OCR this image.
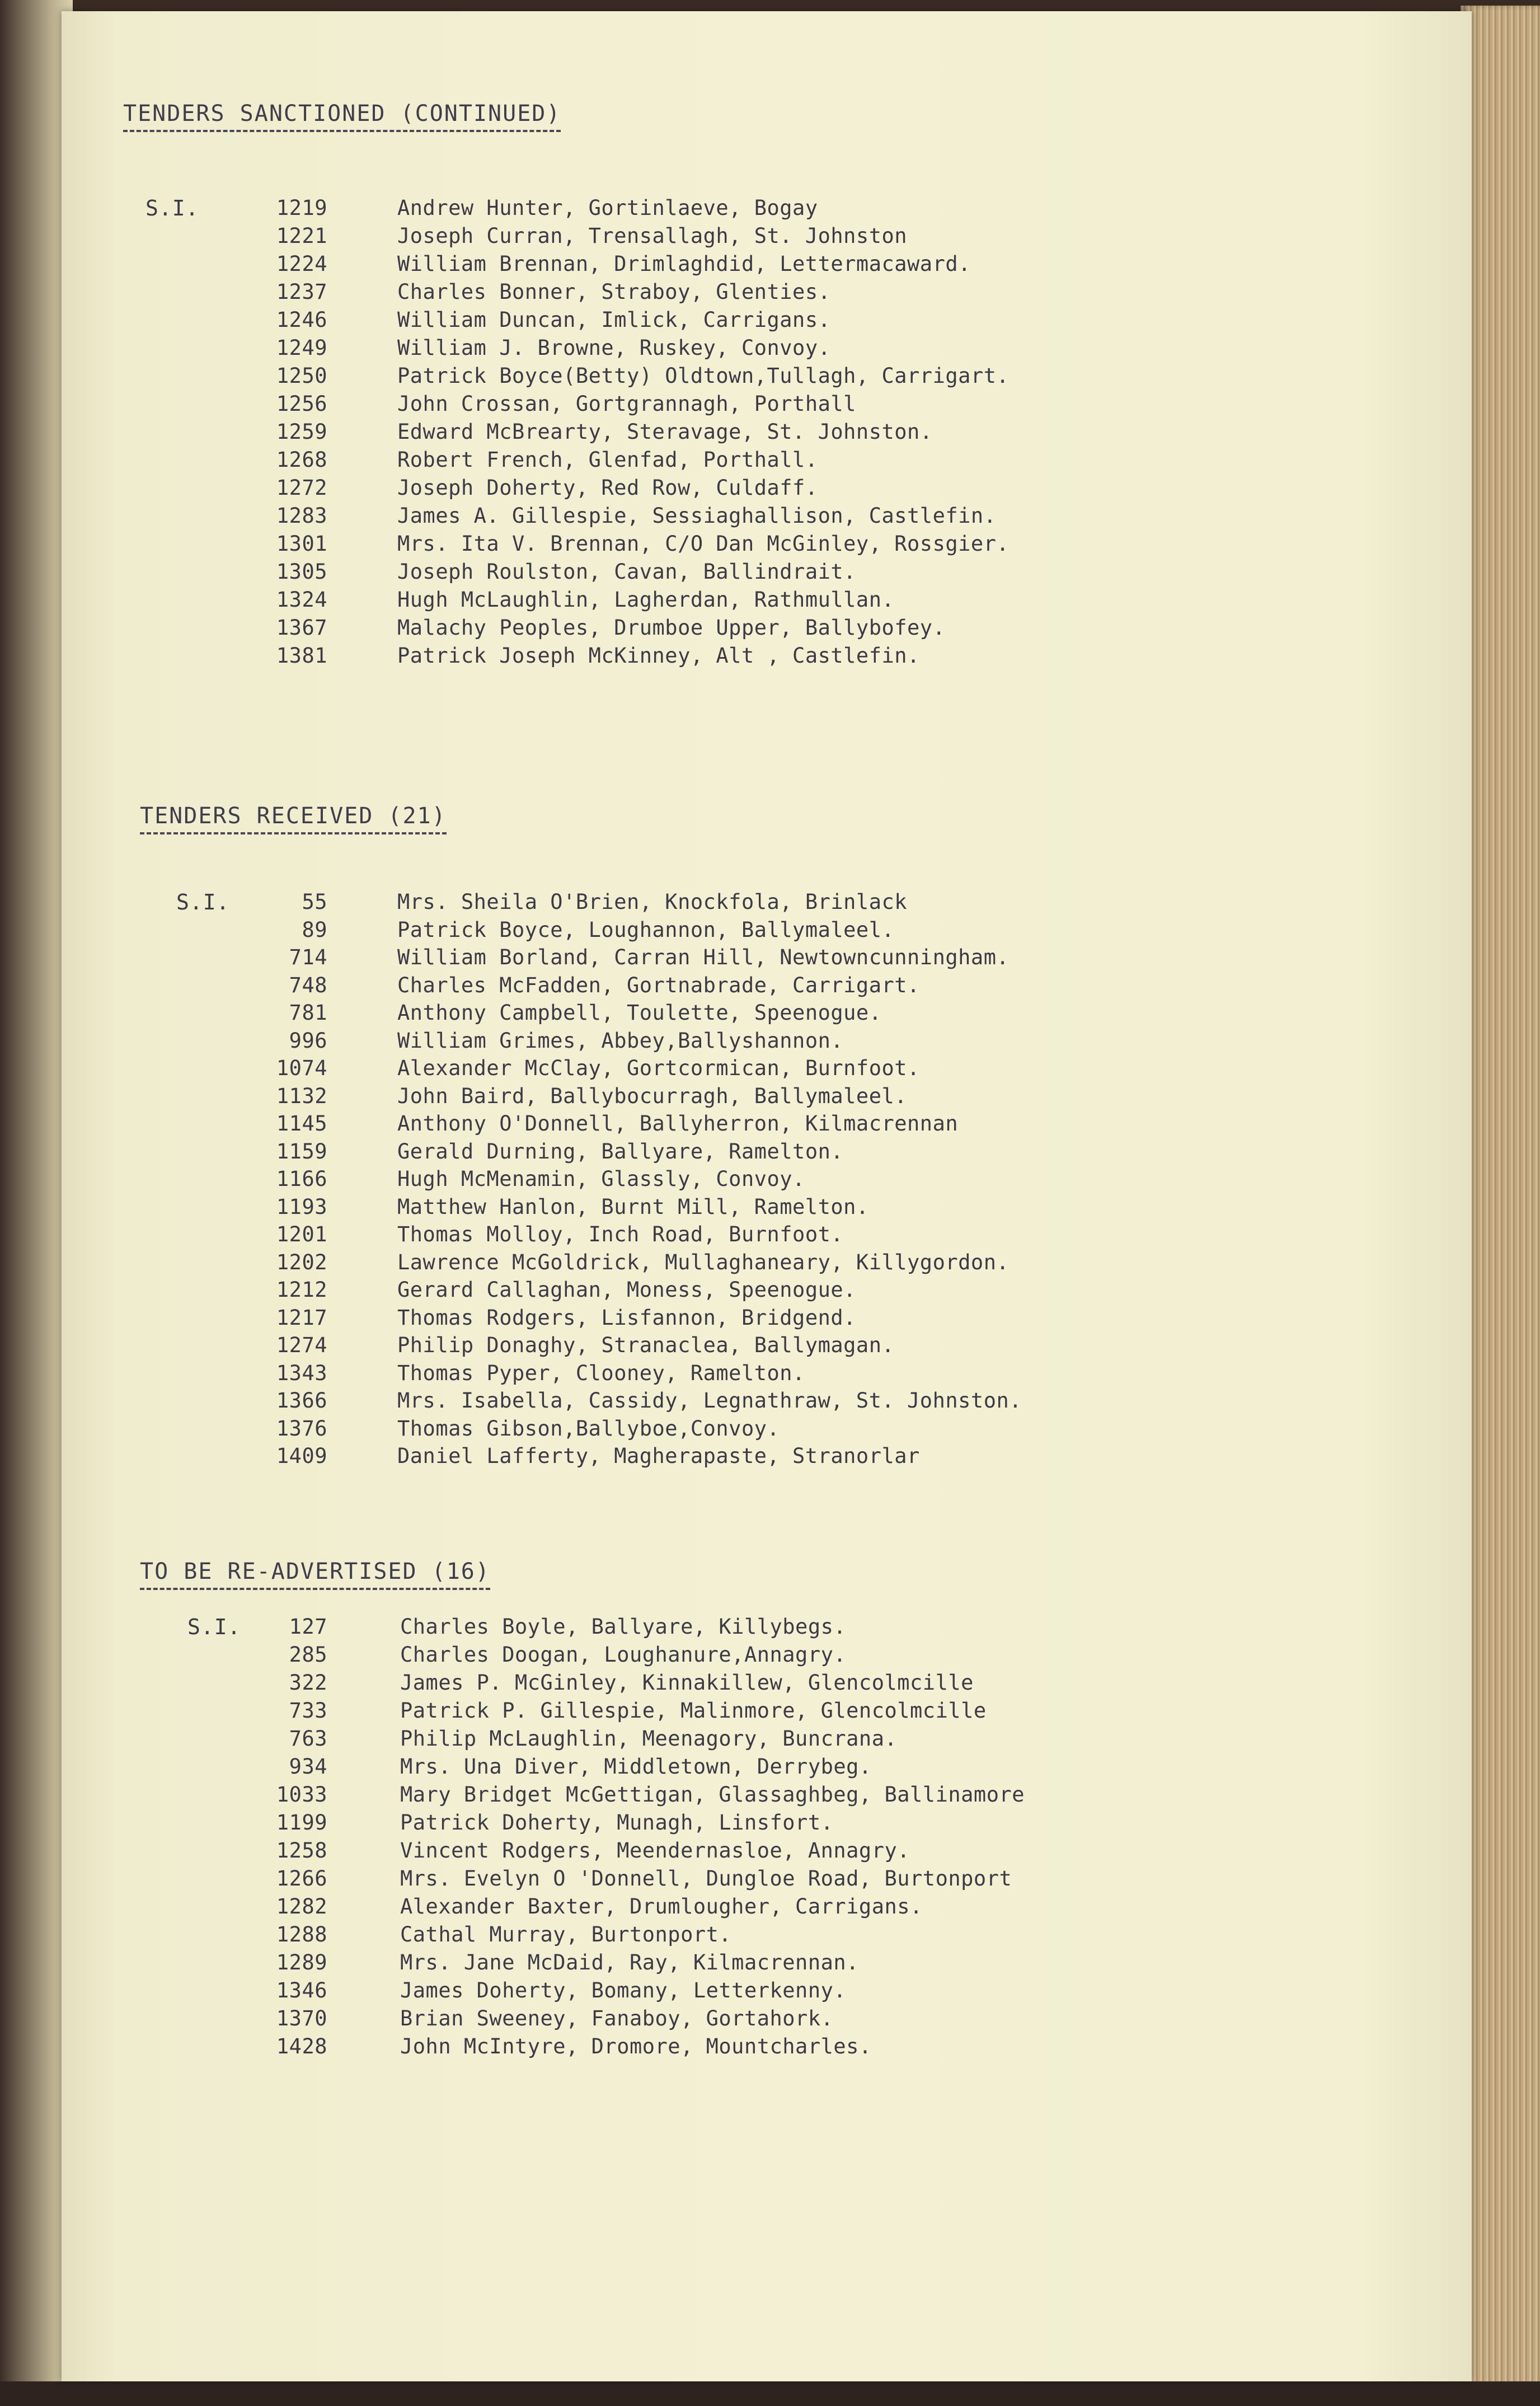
TENDERS SANCTIONED (CONTINUED)
S.I.	1219	Andrew Hunter, Gortinlaeve, Bogay
1221	Joseph Curran, Trensallagh, St. Johnston
1224	William Brennan, Drimlaghdid, Lettermacaward.
1237	Charles Bonner, Straboy, Glenties.
1246	William Duncan, Imlick, Carrigans.
1249	William J. Browne, Ruskey, Convoy.
1250	Patrick Boyce(Betty) Oldtown,Tullagh, Carrigart.
1256	John Crossan, Gortgrannagh, Porthall
1259	Edward McBrearty, Steravage, St. Johnston.
1268	Robert French, Glenfad, Porthall.
1272	Joseph Doherty, Red Row, Culdaff.
1283	James A. Gillespie, Sessiaghallison, Castlefin.
1301	Mrs. Ita V. Brennan, C/O Dan McGinley, Rossgier.
1305	Joseph Roulston, Cavan, Ballindrait.
1324	Hugh McLaughlin, Lagherdan, Rathmullan.
1367	Malachy Peoples, Drumboe Upper, Ballybofey.
1381	Patrick Joseph McKinney, Alt , Castlefin.
TENDERS RECEIVED (21)
S.I.	55	Mrs. Sheila O'Brien, Knockfola, Brinlack
89	Patrick Boyce, Loughannon, Ballymaleel.
714	William Borland, Carran Hill, Newtowncunningham.
748	Charles McFadden, Gortnabrade, Carrigart.
781	Anthony Campbell, Toulette, Speenogue.
996	William Grimes, Abbey,Ballyshannon.
1074	Alexander McClay, Gortcormican, Burnfoot.
1132	John Baird, Ballybocurragh, Ballymaleel.
1145	Anthony O'Donnell, Ballyherron, Kilmacrennan
1159	Gerald Durning, Ballyare, Ramelton.
1166	Hugh McMenamin, Glassly, Convoy.
1193	Matthew Hanlon, Burnt Mill, Ramelton.
1201	Thomas Molloy, Inch Road, Burnfoot.
1202	Lawrence McGoldrick, Mullaghaneary, Killygordon.
1212	Gerard Callaghan, Moness, Speenogue.
1217	Thomas Rodgers, Lisfannon, Bridgend.
1274	Philip Donaghy, Stranaclea, Ballymagan.
1343	Thomas Pyper, Clooney, Ramelton.
1366	Mrs. Isabella, Cassidy, Legnathraw, St. Johnston.
1376	Thomas Gibson,Ballyboe,Convoy.
1409	Daniel Lafferty, Magherapaste, Stranorlar
TO BE RE-ADVERTISED (16)
S.I.	127	Charles Boyle, Ballyare, Killybegs.
285	Charles Doogan, Loughanure,Annagry.
322	James P. McGinley, Kinnakillew, Glencolmcille
733	Patrick P. Gillespie, Malinmore, Glencolmcille
763	Philip McLaughlin, Meenagory, Buncrana.
934	Mrs. Una Diver, Middletown, Derrybeg.
1033	Mary Bridget McGettigan, Glassaghbeg, Ballinamore
1199	Patrick Doherty, Munagh, Linsfort.
1258	Vincent Rodgers, Meendernasloe, Annagry.
1266	Mrs. Evelyn O 'Donnell, Dungloe Road, Burtonport
1282	Alexander Baxter, Drumlougher, Carrigans.
1288	Cathal Murray, Burtonport.
1289	Mrs. Jane McDaid, Ray, Kilmacrennan.
1346	James Doherty, Bomany, Letterkenny.
1370	Brian Sweeney, Fanaboy, Gortahork.
1428	John McIntyre, Dromore, Mountcharles.
